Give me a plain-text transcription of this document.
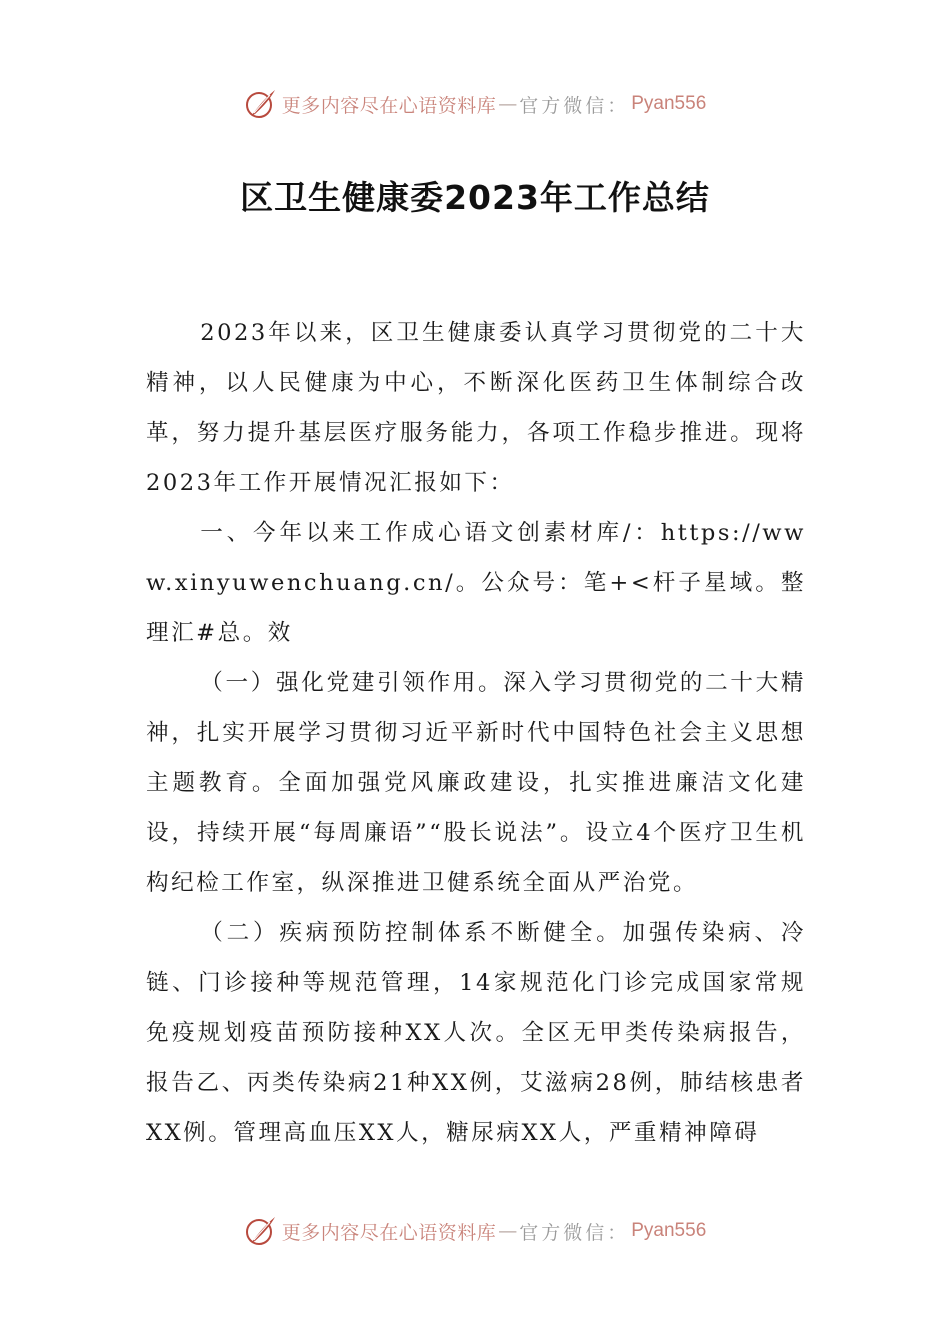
更多内容尽在心语资料库 — 官方微信： Pyan556
区卫生健康委2023年工作总结

2023年以来，区卫生健康委认真学习贯彻党的二十大精神，以人民健康为中心，不断深化医药卫生体制综合改革，努力提升基层医疗服务能力，各项工作稳步推进。现将2023年工作开展情况汇报如下：

一、今年以来工作成心语文创素材库/：https://www.xinyuwenchuang.cn/。公众号：笔+<杆子星域。整理汇#总。效

（一）强化党建引领作用。深入学习贯彻党的二十大精神，扎实开展学习贯彻习近平新时代中国特色社会主义思想主题教育。全面加强党风廉政建设，扎实推进廉洁文化建设，持续开展“每周廉语”“股长说法”。设立4个医疗卫生机构纪检工作室，纵深推进卫健系统全面从严治党。

（二）疾病预防控制体系不断健全。加强传染病、冷链、门诊接种等规范管理，14家规范化门诊完成国家常规免疫规划疫苗预防接种XX人次。全区无甲类传染病报告，报告乙、丙类传染病21种XX例，艾滋病28例，肺结核患者XX例。管理高血压XX人，糖尿病XX人，严重精神障碍

更多内容尽在心语资料库 — 官方微信： Pyan556
